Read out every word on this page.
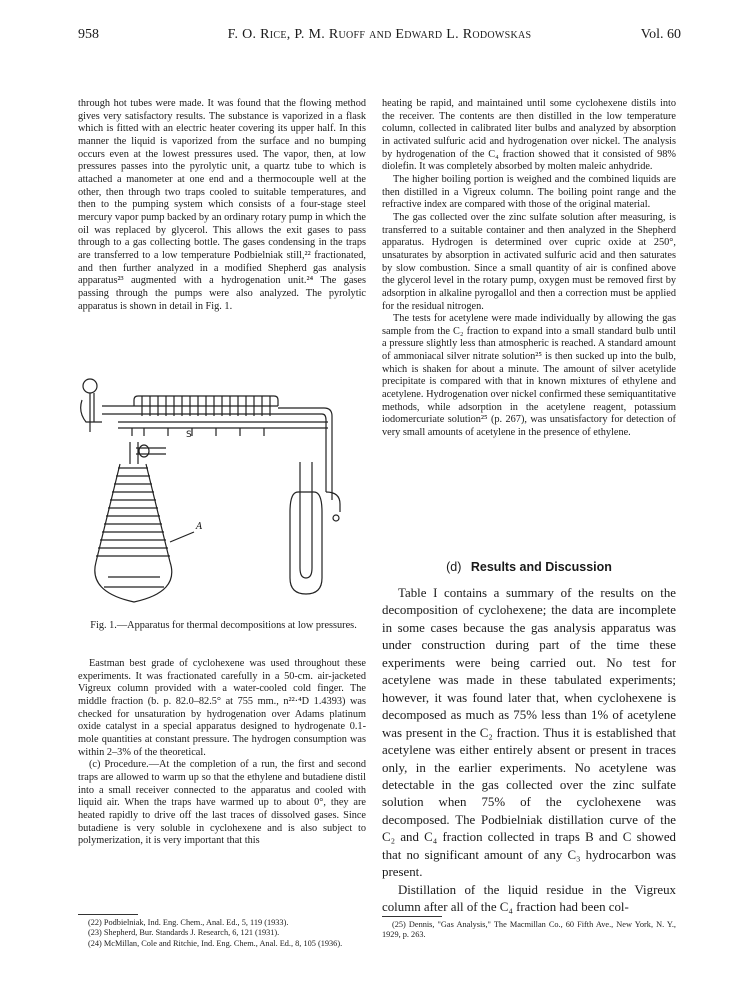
958	F. O. Rice, P. M. Ruoff and Edward L. Rodowskas	Vol. 60

through hot tubes were made. It was found that the flowing method gives very satisfactory results. The substance is vaporized in a flask which is fitted with an electric heater covering its upper half. In this manner the liquid is vaporized from the surface and no bumping occurs even at the lowest pressures used. The vapor, then, at low pressures passes into the pyrolytic unit, a quartz tube to which is attached a manometer at one end and a thermocouple well at the other, then through two traps cooled to suitable temperatures, and then to the pumping system which consists of a four-stage steel mercury vapor pump backed by an ordinary rotary pump in which the oil was replaced by glycerol. This allows the exit gases to pass through to a gas collecting bottle. The gases condensing in the traps are transferred to a low temperature Podbielniak still,²² fractionated, and then further analyzed in a modified Shepherd gas analysis apparatus²³ augmented with a hydrogenation unit.²⁴ The gases passing through the pumps were also analyzed. The pyrolytic apparatus is shown in detail in Fig. 1.

S
A
Fig. 1.—Apparatus for thermal decompositions at low pressures.

Eastman best grade of cyclohexene was used throughout these experiments. It was fractionated carefully in a 50-cm. air-jacketed Vigreux column provided with a water-cooled cold finger. The middle fraction (b. p. 82.0–82.5° at 755 mm., n²²·⁴D 1.4393) was checked for unsaturation by hydrogenation over Adams platinum oxide catalyst in a special apparatus designed to hydrogenate 0.1-mole quantities at constant pressure. The hydrogen consumption was within 2–3% of the theoretical.

(c) Procedure.—At the completion of a run, the first and second traps are allowed to warm up so that the ethylene and butadiene distil into a small receiver connected to the apparatus and cooled with liquid air. When the traps have warmed up to about 0°, they are heated rapidly to drive off the last traces of dissolved gases. Since butadiene is very soluble in cyclohexene and is also subject to polymerization, it is very important that this

(22) Podbielniak, Ind. Eng. Chem., Anal. Ed., 5, 119 (1933).

(23) Shepherd, Bur. Standards J. Research, 6, 121 (1931).

(24) McMillan, Cole and Ritchie, Ind. Eng. Chem., Anal. Ed., 8, 105 (1936).

heating be rapid, and maintained until some cyclohexene distils into the receiver. The contents are then distilled in the low temperature column, collected in calibrated liter bulbs and analyzed by absorption in activated sulfuric acid and hydrogenation over nickel. The analysis by hydrogenation of the C₄ fraction showed that it consisted of 98% diolefin. It was completely absorbed by molten maleic anhydride.

The higher boiling portion is weighed and the combined liquids are then distilled in a Vigreux column. The boiling point range and the refractive index are compared with those of the original material.

The gas collected over the zinc sulfate solution after measuring, is transferred to a suitable container and then analyzed in the Shepherd apparatus. Hydrogen is determined over cupric oxide at 250°, unsaturates by absorption in activated sulfuric acid and then saturates by slow combustion. Since a small quantity of air is confined above the glycerol level in the rotary pump, oxygen must be removed first by adsorption in alkaline pyrogallol and then a correction must be applied for the residual nitrogen.

The tests for acetylene were made individually by allowing the gas sample from the C₂ fraction to expand into a small standard bulb until a pressure slightly less than atmospheric is reached. A standard amount of ammoniacal silver nitrate solution²⁵ is then sucked up into the bulb, which is shaken for about a minute. The amount of silver acetylide precipitate is compared with that in known mixtures of ethylene and acetylene. Hydrogenation over nickel confirmed these semiquantitative methods, while adsorption in the acetylene reagent, potassium iodomercuriate solution²⁵ (p. 267), was unsatisfactory for detection of very small amounts of acetylene in the presence of ethylene.

(d) Results and Discussion

Table I contains a summary of the results on the decomposition of cyclohexene; the data are incomplete in some cases because the gas analysis apparatus was under construction during part of the time these experiments were being carried out. No test for acetylene was made in these tabulated experiments; however, it was found later that, when cyclohexene is decomposed as much as 75% less than 1% of acetylene was present in the C₂ fraction. Thus it is established that acetylene was either entirely absent or present in traces only, in the earlier experiments. No acetylene was detectable in the gas collected over the zinc sulfate solution when 75% of the cyclohexene was decomposed. The Podbielniak distillation curve of the C₂ and C₄ fraction collected in traps B and C showed that no significant amount of any C₃ hydrocarbon was present.

Distillation of the liquid residue in the Vigreux column after all of the C₄ fraction had been col-

(25) Dennis, "Gas Analysis," The Macmillan Co., 60 Fifth Ave., New York, N. Y., 1929, p. 263.
